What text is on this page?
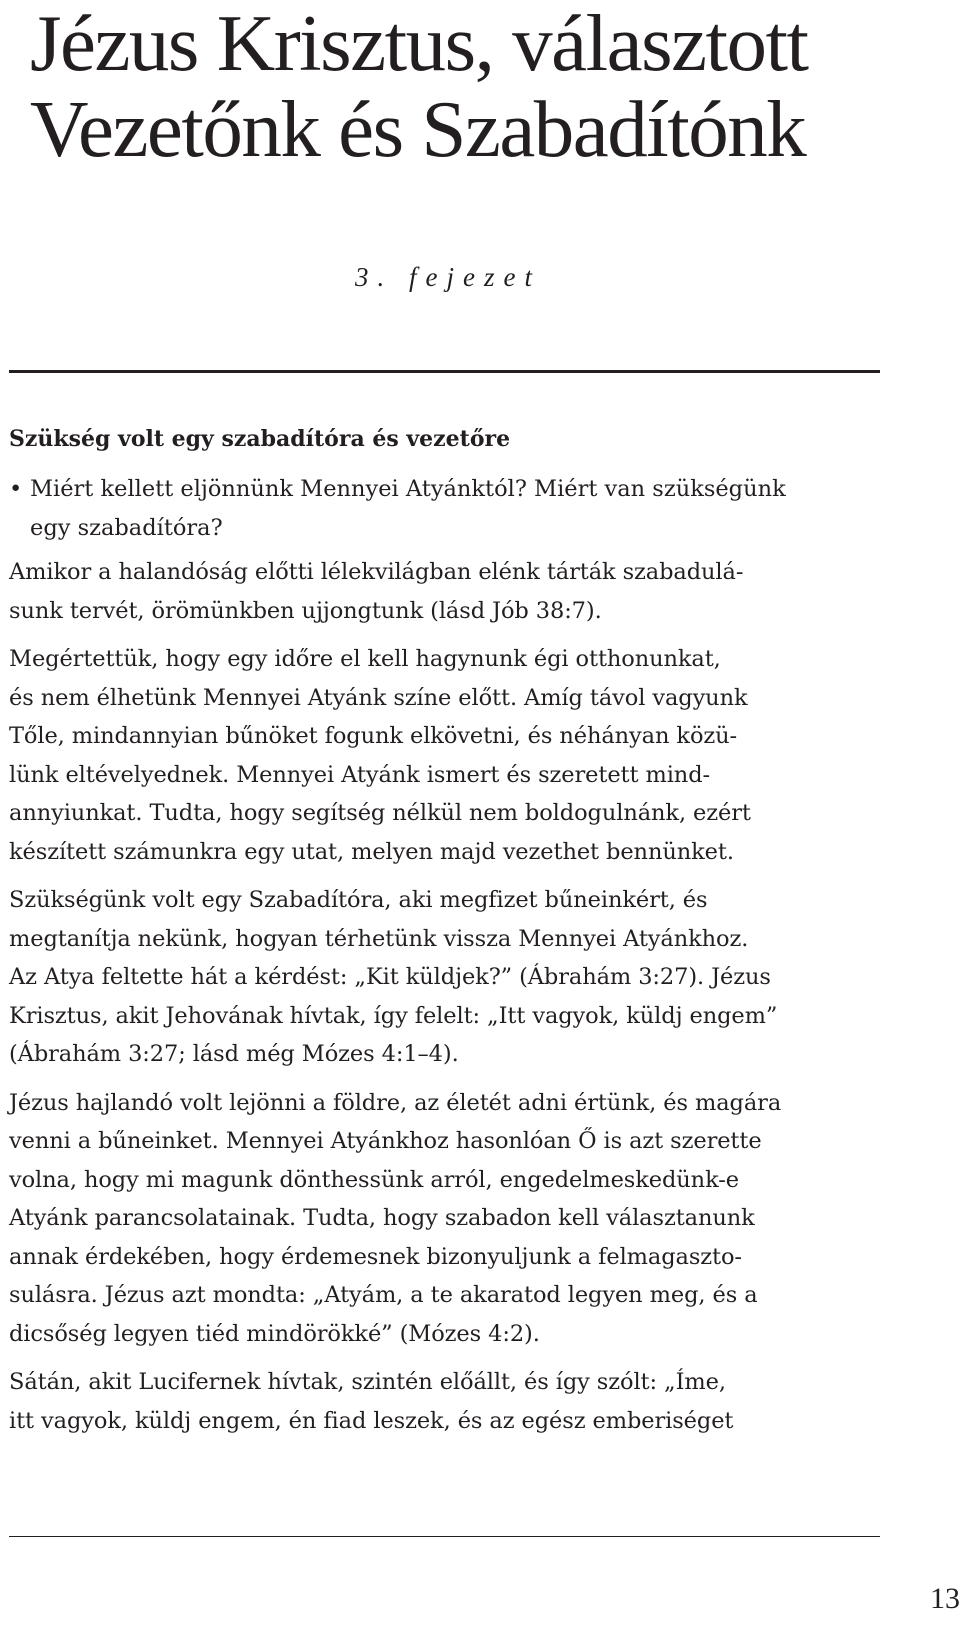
Jézus Krisztus, választott
Vezetőnk és Szabadítónk
3. fejezet
Szükség volt egy szabadítóra és vezetőre
• Miért kellett eljönnünk Mennyei Atyánktól? Miért van szükségünk
egy szabadítóra?
Amikor a halandóság előtti lélekvilágban elénk tárták szabadulá-
sunk tervét, örömünkben ujjongtunk (lásd Jób 38:7).
Megértettük, hogy egy időre el kell hagynunk égi otthonunkat,
és nem élhetünk Mennyei Atyánk színe előtt. Amíg távol vagyunk
Tőle, mindannyian bűnöket fogunk elkövetni, és néhányan közü-
lünk eltévelyednek. Mennyei Atyánk ismert és szeretett mind-
annyiunkat. Tudta, hogy segítség nélkül nem boldogulnánk, ezért
készített számunkra egy utat, melyen majd vezethet bennünket.
Szükségünk volt egy Szabadítóra, aki megfizet bűneinkért, és
megtanítja nekünk, hogyan térhetünk vissza Mennyei Atyánkhoz.
Az Atya feltette hát a kérdést: „Kit küldjek?” (Ábrahám 3:27). Jézus
Krisztus, akit Jehovának hívtak, így felelt: „Itt vagyok, küldj engem”
(Ábrahám 3:27; lásd még Mózes 4:1–4).
Jézus hajlandó volt lejönni a földre, az életét adni értünk, és magára
venni a bűneinket. Mennyei Atyánkhoz hasonlóan Ő is azt szerette
volna, hogy mi magunk dönthessünk arról, engedelmeskedünk-e
Atyánk parancsolatainak. Tudta, hogy szabadon kell választanunk
annak érdekében, hogy érdemesnek bizonyuljunk a felmagasztо-
sulásra. Jézus azt mondta: „Atyám, a te akaratod legyen meg, és a
dicsőség legyen tiéd mindörökké” (Mózes 4:2).
Sátán, akit Lucifernek hívtak, szintén előállt, és így szólt: „Íme,
itt vagyok, küldj engem, én fiad leszek, és az egész emberiséget
13
